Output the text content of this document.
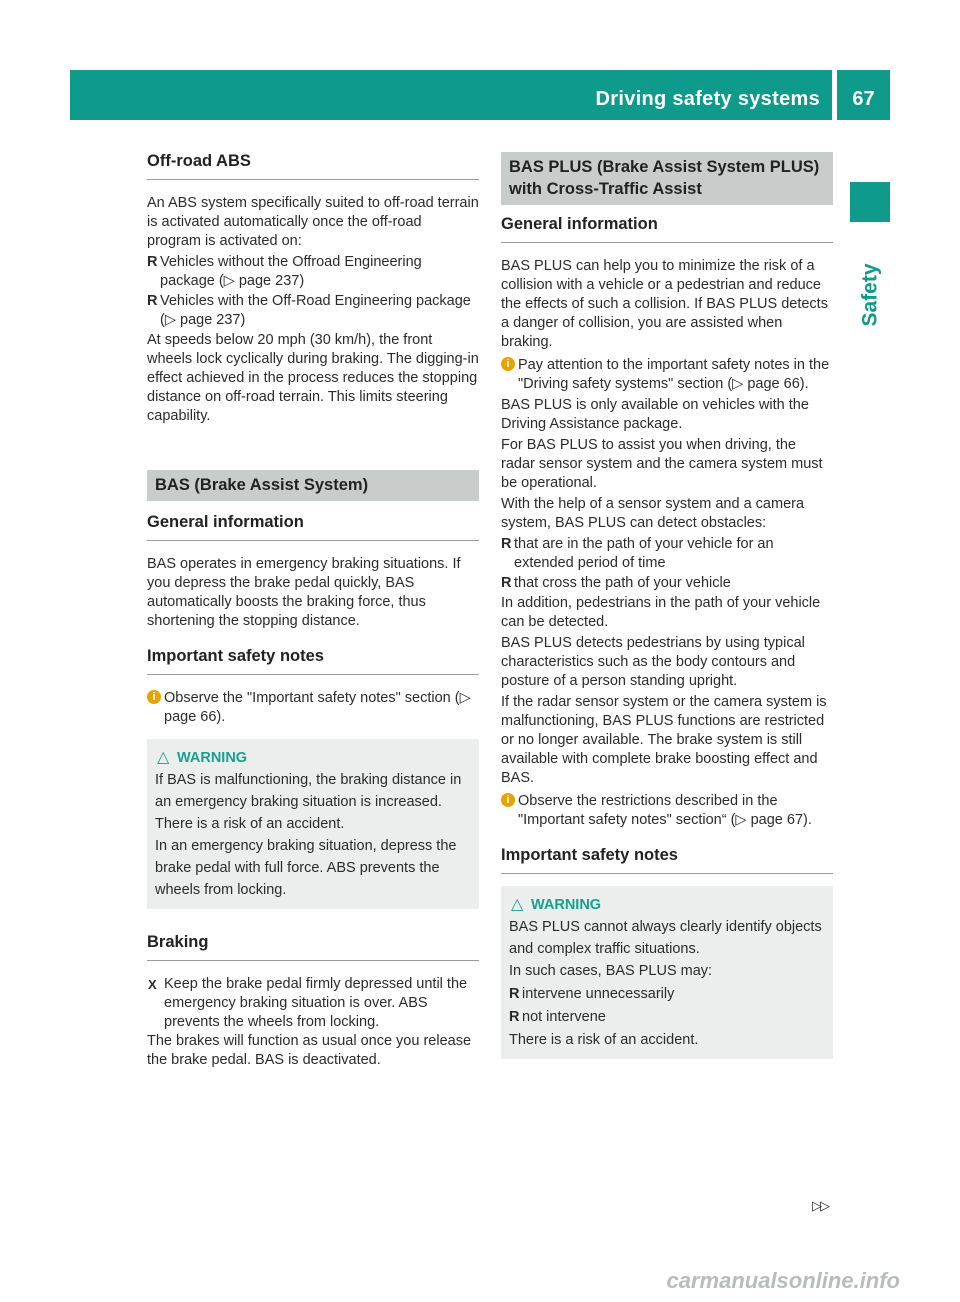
Driving safety systems	67
Safety
Off-road ABS

An ABS system specifically suited to off-road terrain is activated automatically once the off-road program is activated on:

R Vehicles without the Offroad Engineering package (▷ page 237)
R Vehicles with the Off-Road Engineering package (▷ page 237)

At speeds below 20 mph (30 km/h), the front wheels lock cyclically during braking. The digging-in effect achieved in the process reduces the stopping distance on off-road terrain. This limits steering capability.

BAS (Brake Assist System)
General information

BAS operates in emergency braking situations. If you depress the brake pedal quickly, BAS automatically boosts the braking force, thus shortening the stopping distance.

Important safety notes
i Observe the "Important safety notes" section (▷ page 66).
△ WARNING

If BAS is malfunctioning, the braking distance in an emergency braking situation is increased. There is a risk of an accident.

In an emergency braking situation, depress the brake pedal with full force. ABS prevents the wheels from locking.

Braking
X Keep the brake pedal firmly depressed until the emergency braking situation is over. ABS prevents the wheels from locking.

The brakes will function as usual once you release the brake pedal. BAS is deactivated.

BAS PLUS (Brake Assist System PLUS) with Cross-Traffic Assist
General information

BAS PLUS can help you to minimize the risk of a collision with a vehicle or a pedestrian and reduce the effects of such a collision. If BAS PLUS detects a danger of collision, you are assisted when braking.

i Pay attention to the important safety notes in the "Driving safety systems" section (▷ page 66).

BAS PLUS is only available on vehicles with the Driving Assistance package.

For BAS PLUS to assist you when driving, the radar sensor system and the camera system must be operational.

With the help of a sensor system and a camera system, BAS PLUS can detect obstacles:

R that are in the path of your vehicle for an extended period of time
R that cross the path of your vehicle

In addition, pedestrians in the path of your vehicle can be detected.

BAS PLUS detects pedestrians by using typical characteristics such as the body contours and posture of a person standing upright.

If the radar sensor system or the camera system is malfunctioning, BAS PLUS functions are restricted or no longer available. The brake system is still available with complete brake boosting effect and BAS.

i Observe the restrictions described in the "Important safety notes" section“ (▷ page 67).
Important safety notes
△ WARNING

BAS PLUS cannot always clearly identify objects and complex traffic situations.

In such cases, BAS PLUS may:

R intervene unnecessarily
R not intervene

There is a risk of an accident.

▷▷
carmanualsonline.info
